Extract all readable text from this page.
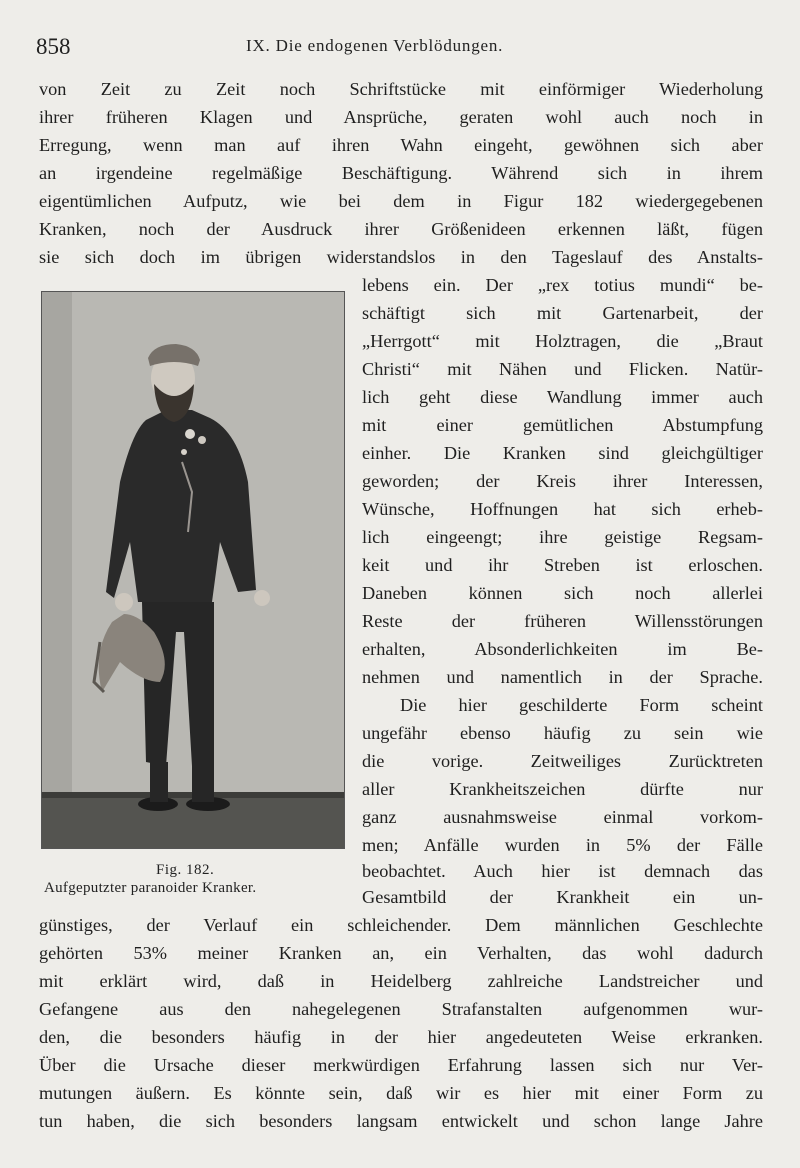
858	IX. Die endogenen Verblödungen.
von Zeit zu Zeit noch Schriftstücke mit einförmiger Wiederholung
ihrer früheren Klagen und Ansprüche, geraten wohl auch noch in
Erregung, wenn man auf ihren Wahn eingeht, gewöhnen sich aber
an irgendeine regelmäßige Beschäftigung. Während sich in ihrem
eigentümlichen Aufputz, wie bei dem in Figur 182 wiedergegebenen
Kranken, noch der Ausdruck ihrer Größenideen erkennen läßt, fügen
sie sich doch im übrigen widerstandslos in den Tageslauf des Anstalts-
Fig. 182.
Aufgeputzter paranoider Kranker.
lebens ein. Der „rex totius mundi“ be-
schäftigt sich mit Gartenarbeit, der
„Herrgott“ mit Holztragen, die „Braut
Christi“ mit Nähen und Flicken. Natür-
lich geht diese Wandlung immer auch
mit einer gemütlichen Abstumpfung
einher. Die Kranken sind gleichgültiger
geworden; der Kreis ihrer Interessen,
Wünsche, Hoffnungen hat sich erheb-
lich eingeengt; ihre geistige Regsam-
keit und ihr Streben ist erloschen.
Daneben können sich noch allerlei
Reste der früheren Willensstörungen
erhalten, Absonderlichkeiten im Be-
nehmen und namentlich in der Sprache.
Die hier geschilderte Form scheint
ungefähr ebenso häufig zu sein wie
die vorige. Zeitweiliges Zurücktreten
aller Krankheitszeichen dürfte nur
ganz ausnahmsweise einmal vorkom-
men; Anfälle wurden in 5% der Fälle
beobachtet. Auch hier ist demnach das
Gesamtbild der Krankheit ein un-
günstiges, der Verlauf ein schleichender. Dem männlichen Geschlechte
gehörten 53% meiner Kranken an, ein Verhalten, das wohl dadurch
mit erklärt wird, daß in Heidelberg zahlreiche Landstreicher und
Gefangene aus den nahegelegenen Strafanstalten aufgenommen wur-
den, die besonders häufig in der hier angedeuteten Weise erkranken.
Über die Ursache dieser merkwürdigen Erfahrung lassen sich nur Ver-
mutungen äußern. Es könnte sein, daß wir es hier mit einer Form zu
tun haben, die sich besonders langsam entwickelt und schon lange Jahre
